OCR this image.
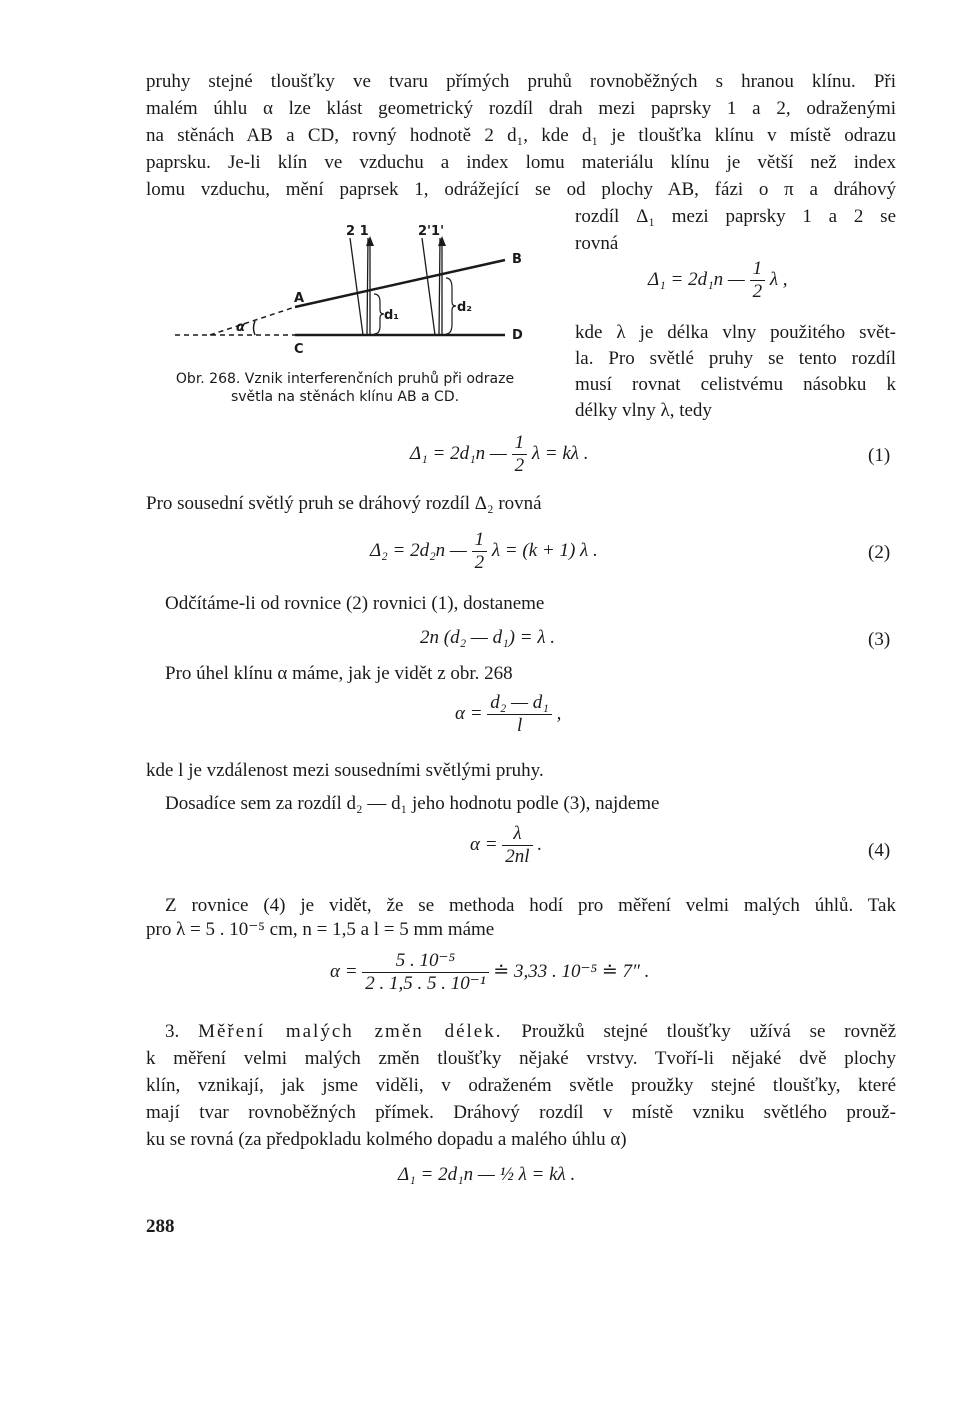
pruhy stejné tloušťky ve tvaru přímých pruhů rovnoběžných s hranou klínu. Při
malém úhlu α lze klást geometrický rozdíl drah mezi paprsky 1 a 2, odraženými
na stěnách AB a CD, rovný hodnotě 2 d₁, kde d₁ je tloušťka klínu v místě odrazu
paprsku. Je-li klín ve vzduchu a index lomu materiálu klínu je větší než index
lomu vzduchu, mění paprsek 1, odrážející se od plochy AB, fázi o π a dráhový
rozdíl Δ₁ mezi paprsky 1 a 2 se
rovná
Δ₁ = 2d₁n — $\frac{1}{2}$ λ ,
kde λ je délka vlny použitého svět-
la. Pro světlé pruhy se tento rozdíl
musí rovnat celistvému násobku k
délky vlny λ, tedy
2 1	2'1'
A
B
C
D
d₁
d₂
α
Obr. 268. Vznik interferenčních pruhů při odraze
světla na stěnách klínu AB a CD.
Δ₁ = 2d₁n — $\frac{1}{2}$ λ = kλ .	(1)
Pro sousední světlý pruh se dráhový rozdíl Δ₂ rovná
Δ₂ = 2d₂n — $\frac{1}{2}$ λ = (k + 1) λ .	(2)
Odčítáme-li od rovnice (2) rovnici (1), dostaneme
2n (d₂ — d₁) = λ .	(3)
Pro úhel klínu α máme, jak je vidět z obr. 268
$\alpha = \frac{\text{d₂ — d₁}}{l}$ ,
kde l je vzdálenost mezi sousedními světlými pruhy.
Dosadíce sem za rozdíl d₂ — d₁ jeho hodnotu podle (3), najdeme
$\alpha = \frac{\lambda}{2nl}$ .	(4)
Z rovnice (4) je vidět, že se methoda hodí pro měření velmi malých úhlů. Tak
pro λ = 5 . 10⁻⁵ cm, n = 1,5 a l = 5 mm máme
$\alpha = \frac{\text{5 . 10⁻⁵}}{\text{2 . 1,5 . 5 . 10⁻¹}}$ ≐ 3,33 . 10⁻⁵ ≐ 7″ .
3. Měření malých změn délek. Proužků stejné tloušťky užívá se rovněž
k měření velmi malých změn tloušťky nějaké vrstvy. Tvoří-li nějaké dvě plochy
klín, vznikají, jak jsme viděli, v odraženém světle proužky stejné tloušťky, které
mají tvar rovnoběžných přímek. Dráhový rozdíl v místě vzniku světlého prouž-
ku se rovná (za předpokladu kolmého dopadu a malého úhlu α)
Δ₁ = 2d₁n — ½ λ = kλ .
288
